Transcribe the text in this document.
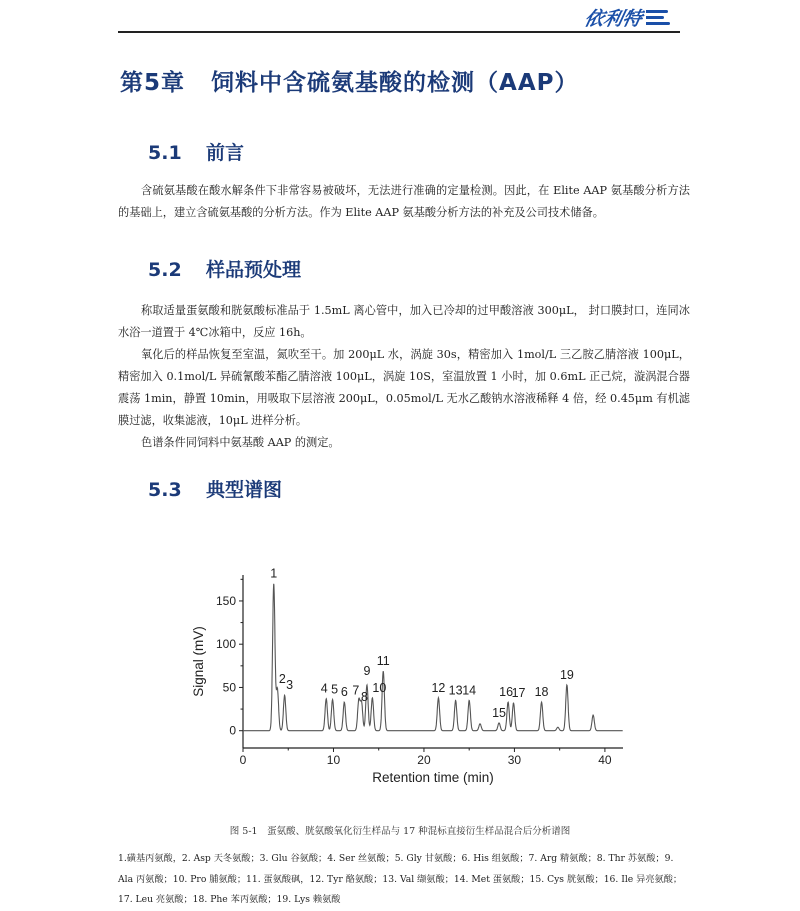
依利特
第5章 饲料中含硫氨基酸的检测（AAP）
5.1 前言

含硫氨基酸在酸水解条件下非常容易被破坏，无法进行准确的定量检测。因此，在 Elite AAP 氨基酸分析方法的基础上，建立含硫氨基酸的分析方法。作为 Elite AAP 氨基酸分析方法的补充及公司技术储备。

5.2 样品预处理

称取适量蛋氨酸和胱氨酸标准品于 1.5mL 离心管中，加入已冷却的过甲酸溶液 300μL， 封口膜封口，连同冰水浴一道置于 4℃冰箱中，反应 16h。

氧化后的样品恢复至室温，氮吹至干。加 200μL 水，涡旋 30s，精密加入 1mol/L 三乙胺乙腈溶液 100μL，精密加入 0.1mol/L 异硫氰酸苯酯乙腈溶液 100μL，涡旋 10S，室温放置 1 小时，加 0.6mL 正己烷，漩涡混合器震荡 1min，静置 10min，用吸取下层溶液 200μL，0.05mol/L 无水乙酸钠水溶液稀释 4 倍，经 0.45μm 有机滤膜过滤，收集滤液，10μL 进样分析。

色谱条件同饲料中氨基酸 AAP 的测定。

5.3 典型谱图
0	10	20	30	40
0
50
100
150
Retention time (min)
Signal (mV)
1
2 3 4 5 6 7 8
9
10
11
12 13 14
15
16
17 18
19
图 5-1　蛋氨酸、胱氨酸氧化衍生样品与 17 种混标直接衍生样品混合后分析谱图
1.磺基丙氨酸，2. Asp 天冬氨酸；3. Glu 谷氨酸；4. Ser 丝氨酸；5. Gly 甘氨酸；6. His 组氨酸；7. Arg 精氨酸；8. Thr 苏氨酸；9. Ala 丙氨酸；10. Pro 脯氨酸；11. 蛋氨酸砜，12. Tyr 酪氨酸；13. Val 缬氨酸；14. Met 蛋氨酸；15. Cys 胱氨酸；16. Ile 异亮氨酸；17. Leu 亮氨酸；18. Phe 苯丙氨酸；19. Lys 赖氨酸
